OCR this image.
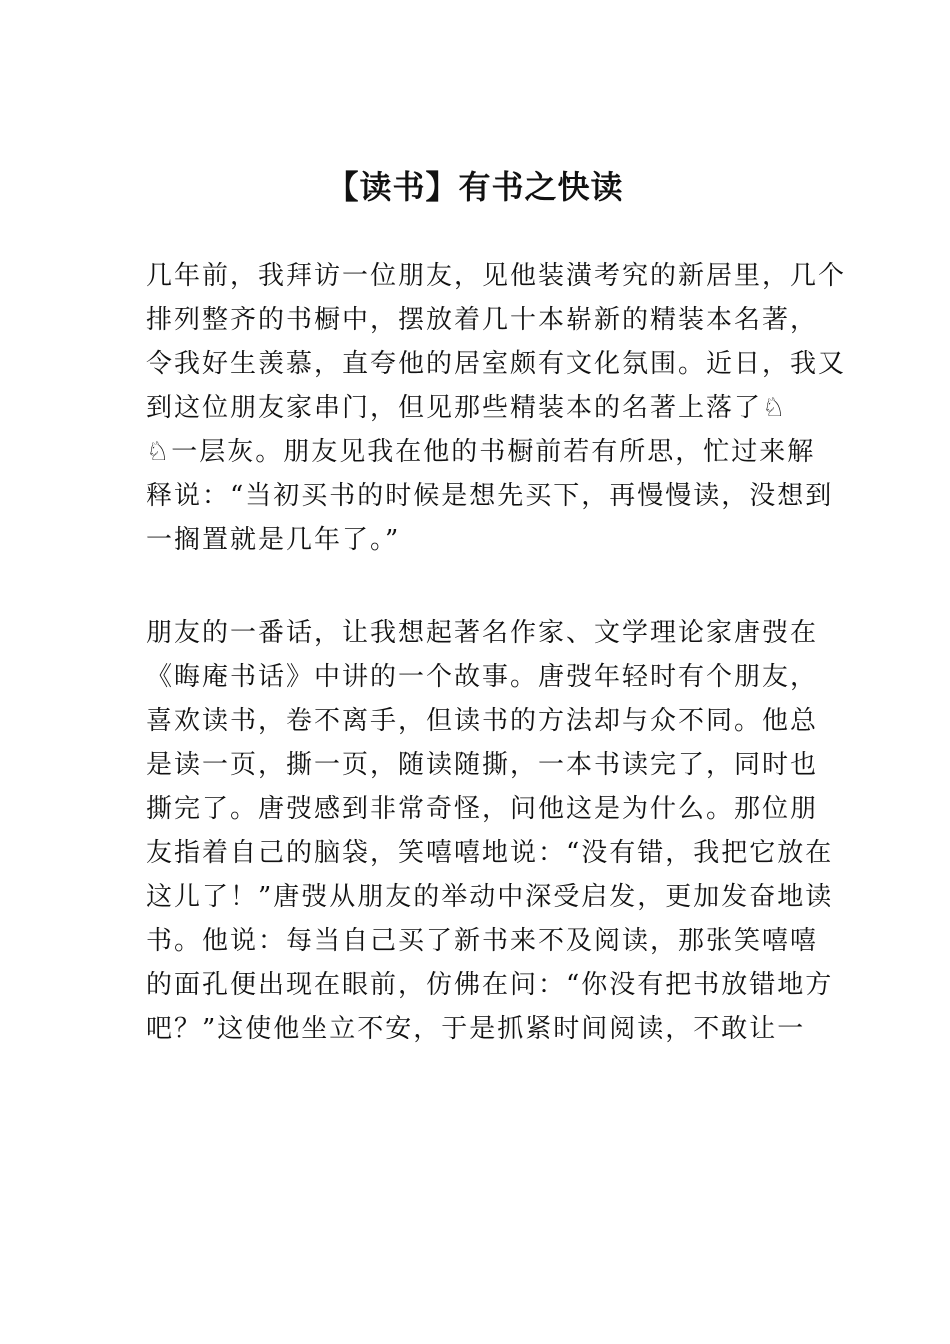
【读书】有书之快读
几年前，我拜访一位朋友，见他装潢考究的新居里，几个
排列整齐的书橱中，摆放着几十本崭新的精装本名著，
令我好生羡慕，直夸他的居室颇有文化氛围。近日，我又
到这位朋友家串门，但见那些精装本的名著上落了♘
♘一层灰。朋友见我在他的书橱前若有所思，忙过来解
释说：“当初买书的时候是想先买下，再慢慢读，没想到
一搁置就是几年了。”
朋友的一番话，让我想起著名作家、文学理论家唐弢在
《晦庵书话》中讲的一个故事。唐弢年轻时有个朋友，
喜欢读书，卷不离手，但读书的方法却与众不同。他总
是读一页，撕一页，随读随撕，一本书读完了，同时也
撕完了。唐弢感到非常奇怪，问他这是为什么。那位朋
友指着自己的脑袋，笑嘻嘻地说：“没有错，我把它放在
这儿了！”唐弢从朋友的举动中深受启发，更加发奋地读
书。他说：每当自己买了新书来不及阅读，那张笑嘻嘻
的面孔便出现在眼前，仿佛在问：“你没有把书放错地方
吧？”这使他坐立不安，于是抓紧时间阅读，不敢让一
